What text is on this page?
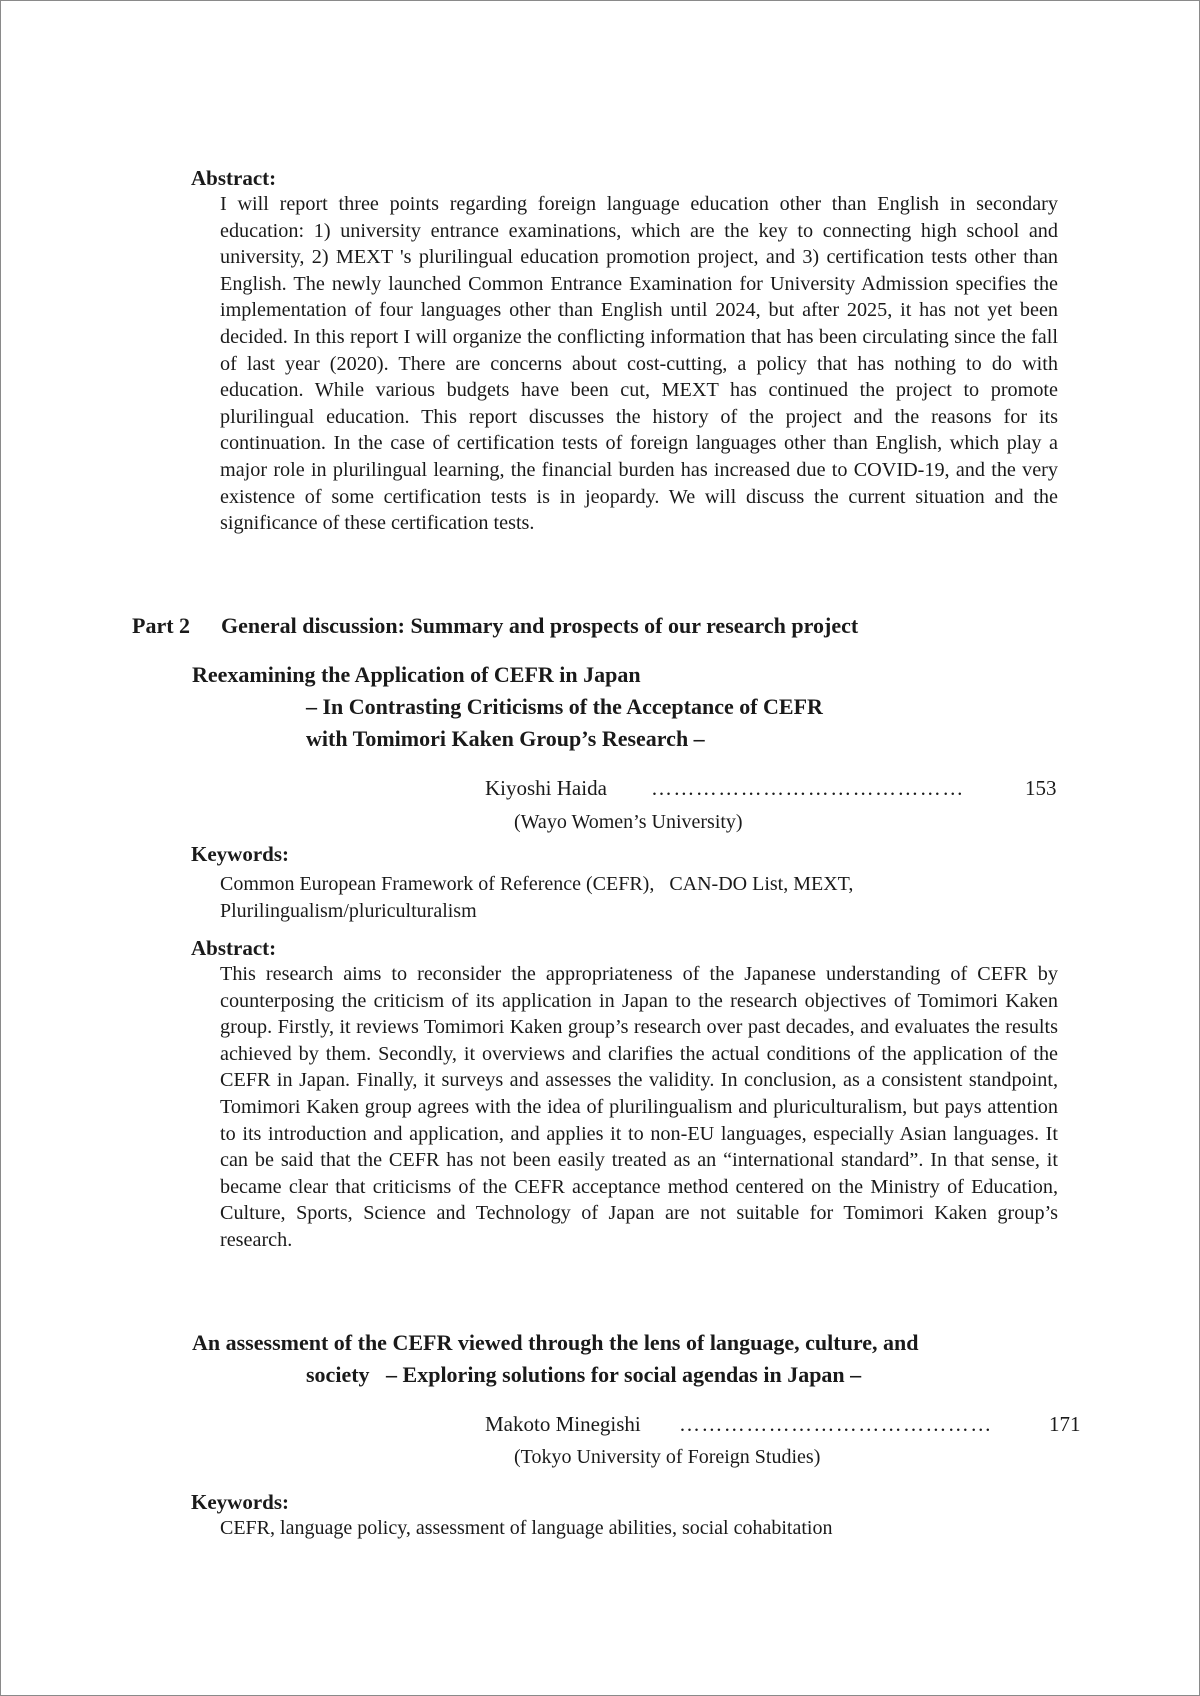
Abstract:
I will report three points regarding foreign language education other than English in secondary education: 1) university entrance examinations, which are the key to connecting high school and university, 2) MEXT 's plurilingual education promotion project, and 3) certification tests other than English. The newly launched Common Entrance Examination for University Admission specifies the implementation of four languages other than English until 2024, but after 2025, it has not yet been decided. In this report I will organize the conflicting information that has been circulating since the fall of last year (2020). There are concerns about cost-cutting, a policy that has nothing to do with education. While various budgets have been cut, MEXT has continued the project to promote plurilingual education. This report discusses the history of the project and the reasons for its continuation. In the case of certification tests of foreign languages other than English, which play a major role in plurilingual learning, the financial burden has increased due to COVID-19, and the very existence of some certification tests is in jeopardy. We will discuss the current situation and the significance of these certification tests.
Part 2 General discussion: Summary and prospects of our research project
Reexamining the Application of CEFR in Japan
– In Contrasting Criticisms of the Acceptance of CEFR
with Tomimori Kaken Group’s Research –
Kiyoshi Haida ……………………………………	153
(Wayo Women’s University)
Keywords:
Common European Framework of Reference (CEFR),   CAN-DO List, MEXT,
Plurilingualism/pluriculturalism
Abstract:
This research aims to reconsider the appropriateness of the Japanese understanding of CEFR by counterposing the criticism of its application in Japan to the research objectives of Tomimori Kaken group. Firstly, it reviews Tomimori Kaken group’s research over past decades, and evaluates the results achieved by them. Secondly, it overviews and clarifies the actual conditions of the application of the CEFR in Japan. Finally, it surveys and assesses the validity. In conclusion, as a consistent standpoint, Tomimori Kaken group agrees with the idea of plurilingualism and pluriculturalism, but pays attention to its introduction and application, and applies it to non-EU languages, especially Asian languages. It can be said that the CEFR has not been easily treated as an “international standard”. In that sense, it became clear that criticisms of the CEFR acceptance method centered on the Ministry of Education, Culture, Sports, Science and Technology of Japan are not suitable for Tomimori Kaken group’s research.
An assessment of the CEFR viewed through the lens of language, culture, and
society   – Exploring solutions for social agendas in Japan –
Makoto Minegishi ……………………………………	171
(Tokyo University of Foreign Studies)
Keywords:
CEFR, language policy, assessment of language abilities, social cohabitation
